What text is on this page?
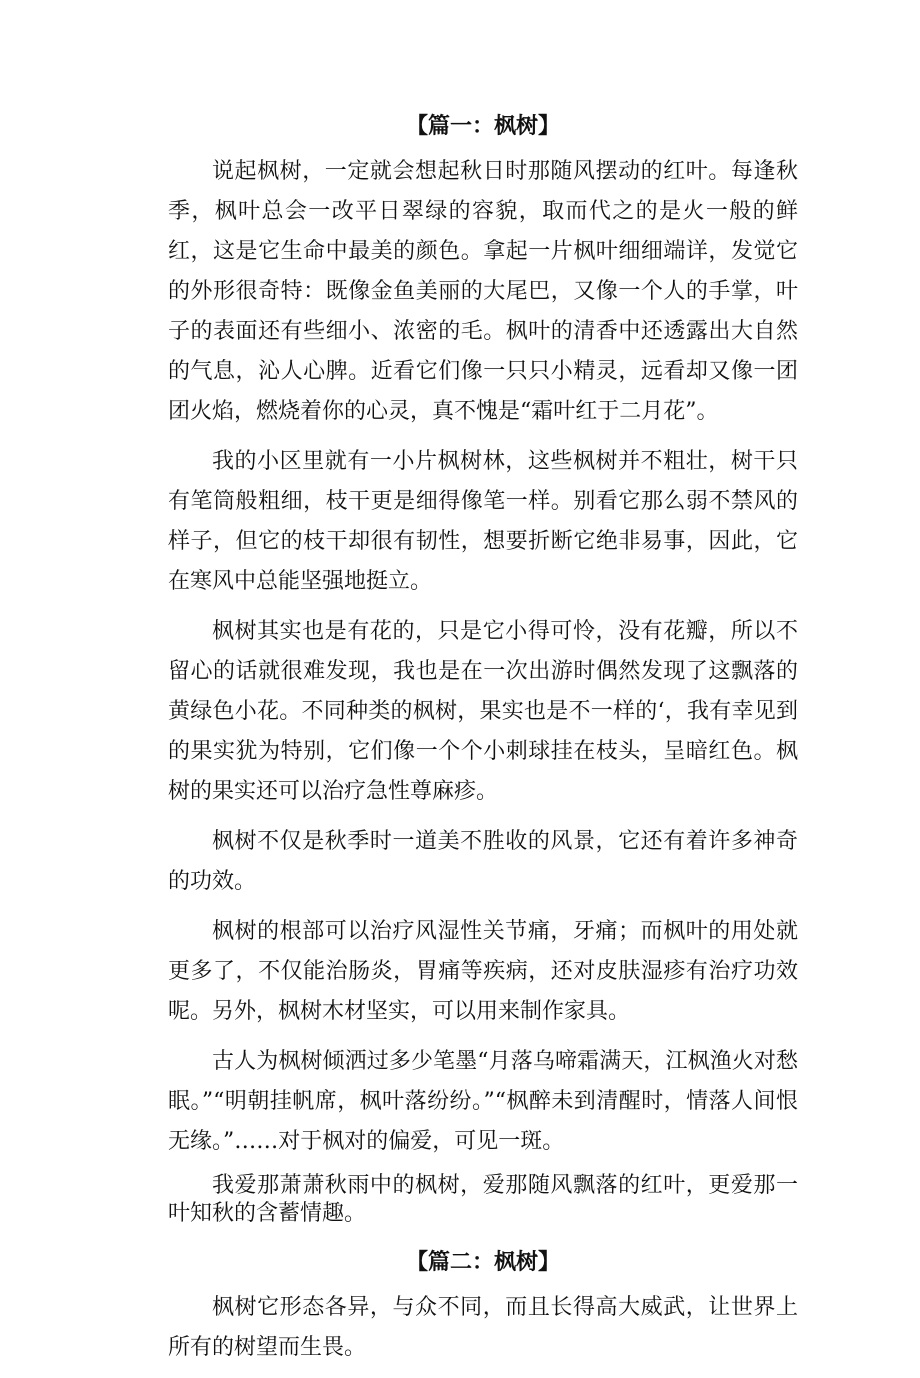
【篇一：枫树】

说起枫树，一定就会想起秋日时那随风摆动的红叶。每逢秋季，枫叶总会一改平日翠绿的容貌，取而代之的是火一般的鲜红，这是它生命中最美的颜色。拿起一片枫叶细细端详，发觉它的外形很奇特：既像金鱼美丽的大尾巴，又像一个人的手掌，叶子的表面还有些细小、浓密的毛。枫叶的清香中还透露出大自然的气息，沁人心脾。近看它们像一只只小精灵，远看却又像一团团火焰，燃烧着你的心灵，真不愧是“霜叶红于二月花”。

我的小区里就有一小片枫树林，这些枫树并不粗壮，树干只有笔筒般粗细，枝干更是细得像笔一样。别看它那么弱不禁风的样子，但它的枝干却很有韧性，想要折断它绝非易事，因此，它在寒风中总能坚强地挺立。

枫树其实也是有花的，只是它小得可怜，没有花瓣，所以不留心的话就很难发现，我也是在一次出游时偶然发现了这飘落的黄绿色小花。不同种类的枫树，果实也是不一样的‘，我有幸见到的果实犹为特别，它们像一个个小刺球挂在枝头，呈暗红色。枫树的果实还可以治疗急性尊麻疹。

枫树不仅是秋季时一道美不胜收的风景，它还有着许多神奇的功效。

枫树的根部可以治疗风湿性关节痛，牙痛；而枫叶的用处就更多了，不仅能治肠炎，胃痛等疾病，还对皮肤湿疹有治疗功效呢。另外，枫树木材坚实，可以用来制作家具。

古人为枫树倾洒过多少笔墨“月落乌啼霜满天，江枫渔火对愁眠。”“明朝挂帆席，枫叶落纷纷。”“枫醉未到清醒时，情落人间恨无缘。”……对于枫对的偏爱，可见一斑。

我爱那萧萧秋雨中的枫树，爱那随风飘落的红叶，更爱那一叶知秋的含蓄情趣。

【篇二：枫树】

枫树它形态各异，与众不同，而且长得高大威武，让世界上所有的树望而生畏。
